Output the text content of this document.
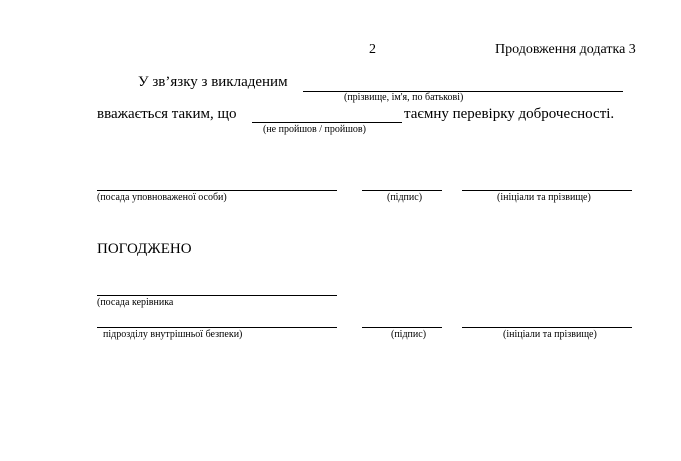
2	Продовження додатка 3
У зв’язку з викладеним
(прізвище, ім'я, по батькові)
вважається таким, що	таємну перевірку доброчесності.
(не пройшов / пройшов)
(посада уповноваженої особи)	(підпис)	(ініціали та прізвище)
ПОГОДЖЕНО
(посада керівника
підрозділу внутрішньої безпеки)	(підпис)	(ініціали та прізвище)
